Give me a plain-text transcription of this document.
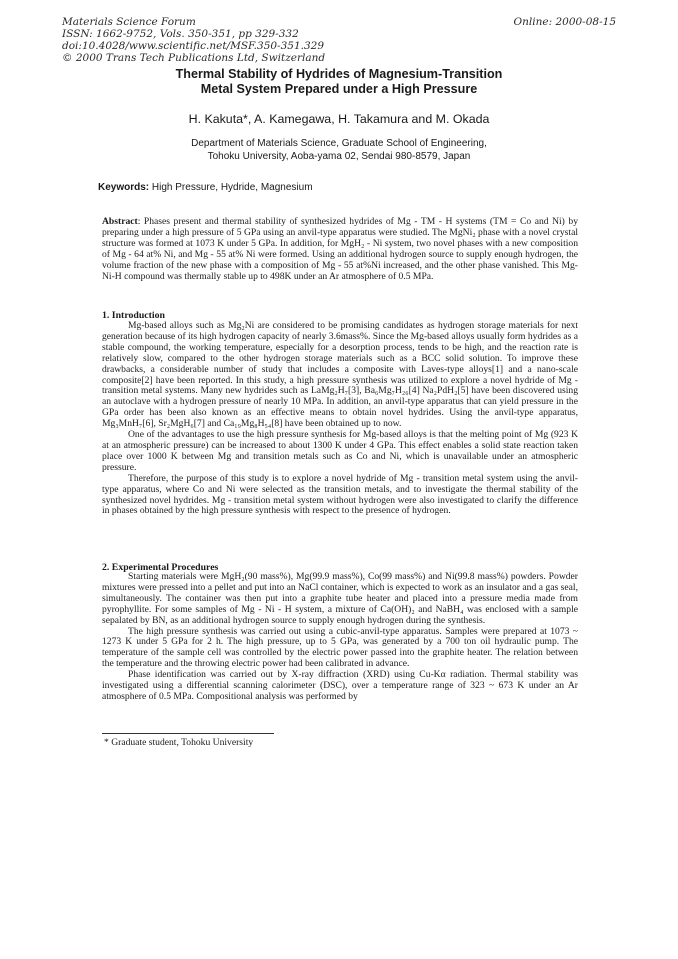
Materials Science Forum
ISSN: 1662-9752, Vols. 350-351, pp 329-332
doi:10.4028/www.scientific.net/MSF.350-351.329
© 2000 Trans Tech Publications Ltd, Switzerland
Online: 2000-08-15
Thermal Stability of Hydrides of Magnesium-Transition
Metal System Prepared under a High Pressure
H. Kakuta*, A. Kamegawa, H. Takamura and M. Okada
Department of Materials Science, Graduate School of Engineering,
Tohoku University, Aoba-yama 02, Sendai 980-8579, Japan
Keywords: High Pressure, Hydride, Magnesium
Abstract: Phases present and thermal stability of synthesized hydrides of Mg - TM - H systems (TM = Co and Ni) by preparing under a high pressure of 5 GPa using an anvil-type apparatus were studied. The MgNi₂ phase with a novel crystal structure was formed at 1073 K under 5 GPa. In addition, for MgH₂ - Ni system, two novel phases with a new composition of Mg - 64 at% Ni, and Mg - 55 at% Ni were formed. Using an additional hydrogen source to supply enough hydrogen, the volume fraction of the new phase with a composition of Mg - 55 at%Ni increased, and the other phase vanished. This Mg-Ni-H compound was thermally stable up to 498K under an Ar atmosphere of 0.5 MPa.
1. Introduction

Mg-based alloys such as Mg₂Ni are considered to be promising candidates as hydrogen storage materials for next generation because of its high hydrogen capacity of nearly 3.6mass%. Since the Mg-based alloys usually form hydrides as a stable compound, the working temperature, especially for a desorption process, tends to be high, and the reaction rate is relatively slow, compared to the other hydrogen storage materials such as a BCC solid solution. To improve these drawbacks, a considerable number of study that includes a composite with Laves-type alloys[1] and a nano-scale composite[2] have been reported. In this study, a high pressure synthesis was utilized to explore a novel hydride of Mg - transition metal systems. Many new hydrides such as LaMg₂H₇[3], Ba₆Mg₇H₂₆[4] Na₂PdH₂[5] have been discovered using an autoclave with a hydrogen pressure of nearly 10 MPa. In addition, an anvil-type apparatus that can yield pressure in the GPa order has been also known as an effective means to obtain novel hydrides. Using the anvil-type apparatus, Mg₃MnH₇[6], Sr₂MgH₆[7] and Ca₁₉Mg₈H₅₄[8] have been obtained up to now.

One of the advantages to use the high pressure synthesis for Mg-based alloys is that the melting point of Mg (923 K at an atmospheric pressure) can be increased to about 1300 K under 4 GPa. This effect enables a solid state reaction taken place over 1000 K between Mg and transition metals such as Co and Ni, which is unavailable under an atmospheric pressure.

Therefore, the purpose of this study is to explore a novel hydride of Mg - transition metal system using the anvil-type apparatus, where Co and Ni were selected as the transition metals, and to investigate the thermal stability of the synthesized novel hydrides. Mg - transition metal system without hydrogen were also investigated to clarify the difference in phases obtained by the high pressure synthesis with respect to the presence of hydrogen.

2. Experimental Procedures

Starting materials were MgH₂(90 mass%), Mg(99.9 mass%), Co(99 mass%) and Ni(99.8 mass%) powders. Powder mixtures were pressed into a pellet and put into an NaCl container, which is expected to work as an insulator and a gas seal, simultaneously. The container was then put into a graphite tube heater and placed into a pressure media made from pyrophyllite. For some samples of Mg - Ni - H system, a mixture of Ca(OH)₂ and NaBH₄ was enclosed with a sample sepalated by BN, as an additional hydrogen source to supply enough hydrogen during the synthesis.

The high pressure synthesis was carried out using a cubic-anvil-type apparatus. Samples were prepared at 1073 ~ 1273 K under 5 GPa for 2 h. The high pressure, up to 5 GPa, was generated by a 700 ton oil hydraulic pump. The temperature of the sample cell was controlled by the electric power passed into the graphite heater. The relation between the temperature and the throwing electric power had been calibrated in advance.

Phase identification was carried out by X-ray diffraction (XRD) using Cu-Kα radiation. Thermal stability was investigated using a differential scanning calorimeter (DSC), over a temperature range of 323 ~ 673 K under an Ar atmosphere of 0.5 MPa. Compositional analysis was performed by

* Graduate student, Tohoku University
